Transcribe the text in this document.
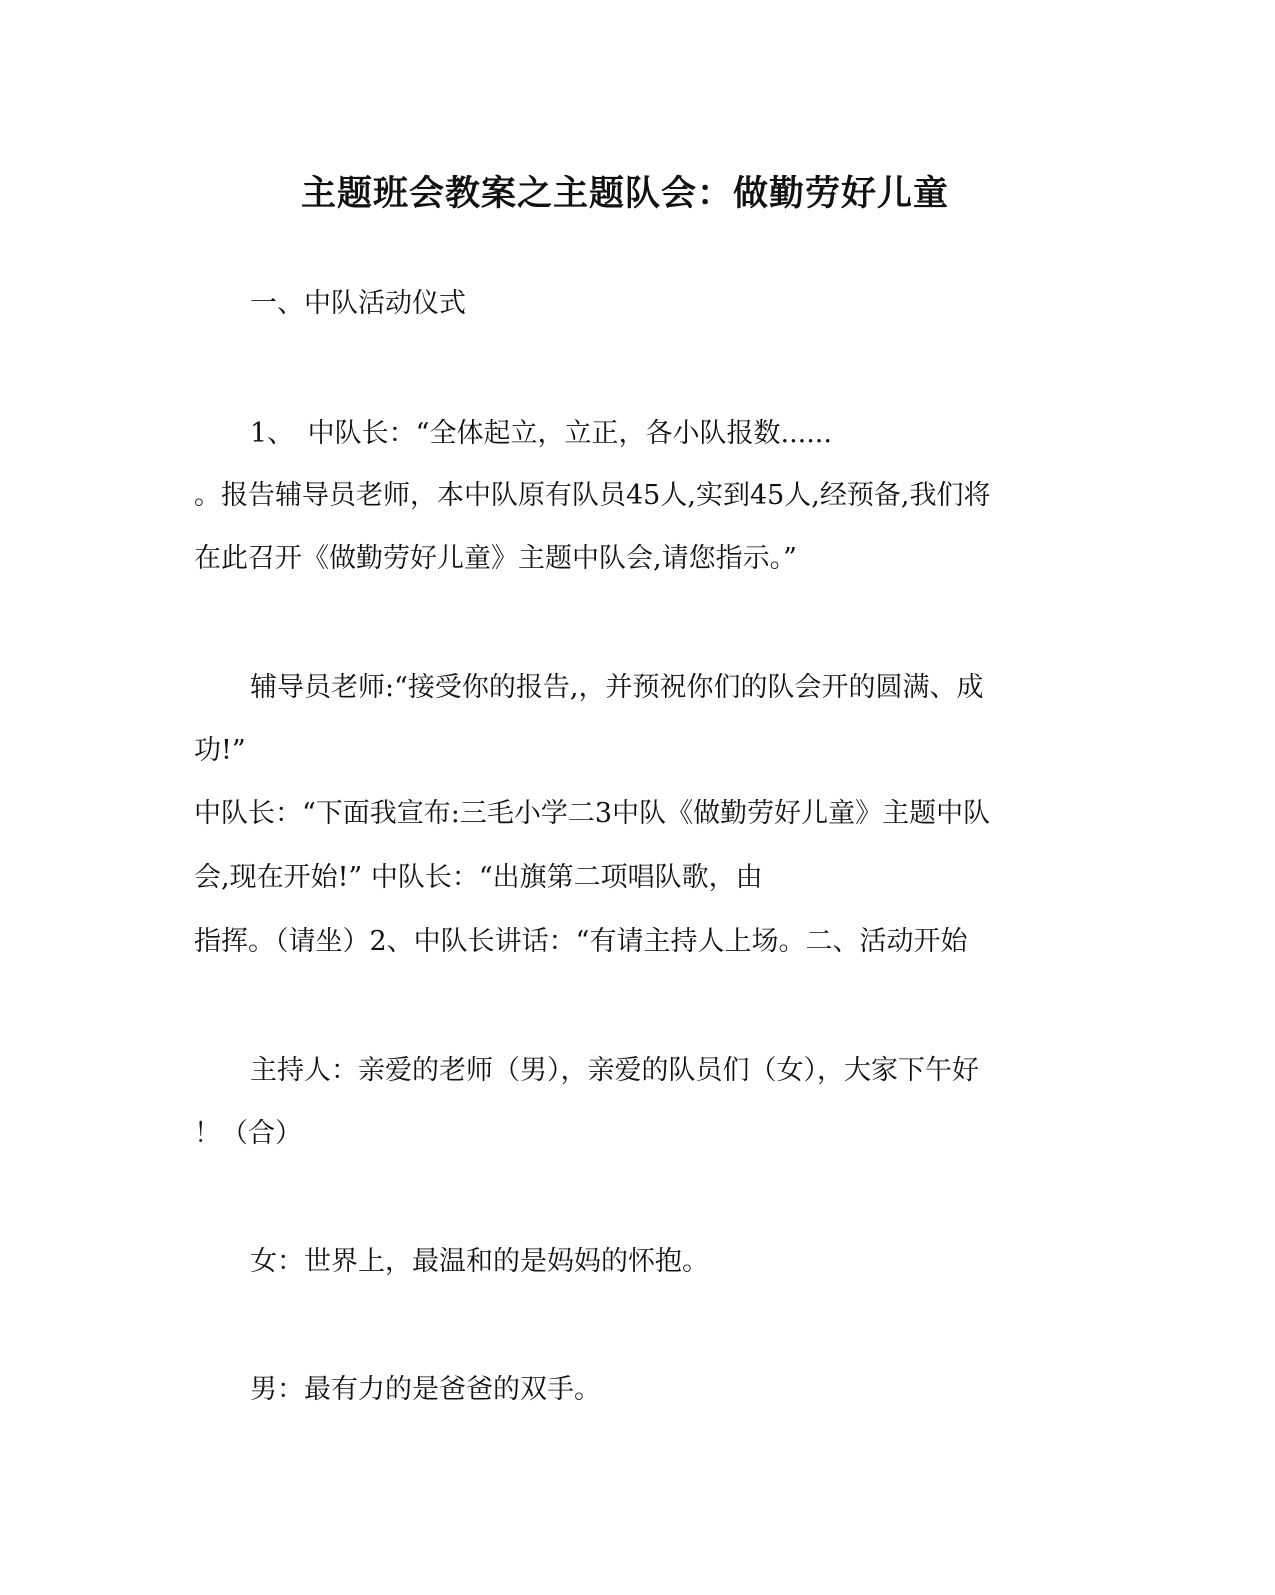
主题班会教案之主题队会：做勤劳好儿童
一、中队活动仪式
1、　中队长：“全体起立，立正，各小队报数......
。报告辅导员老师，本中队原有队员45人,实到45人,经预备,我们将
在此召开《做勤劳好儿童》主题中队会,请您指示。”
辅导员老师:“接受你的报告,，并预祝你们的队会开的圆满、成
功!”
中队长：“下面我宣布:三毛小学二3中队《做勤劳好儿童》主题中队
会,现在开始!” 中队长：“出旗第二项唱队歌，由
指挥。（请坐）2、中队长讲话：“有请主持人上场。二、活动开始
主持人：亲爱的老师（男），亲爱的队员们（女），大家下午好
！（合）
女：世界上，最温和的是妈妈的怀抱。
男：最有力的是爸爸的双手。
